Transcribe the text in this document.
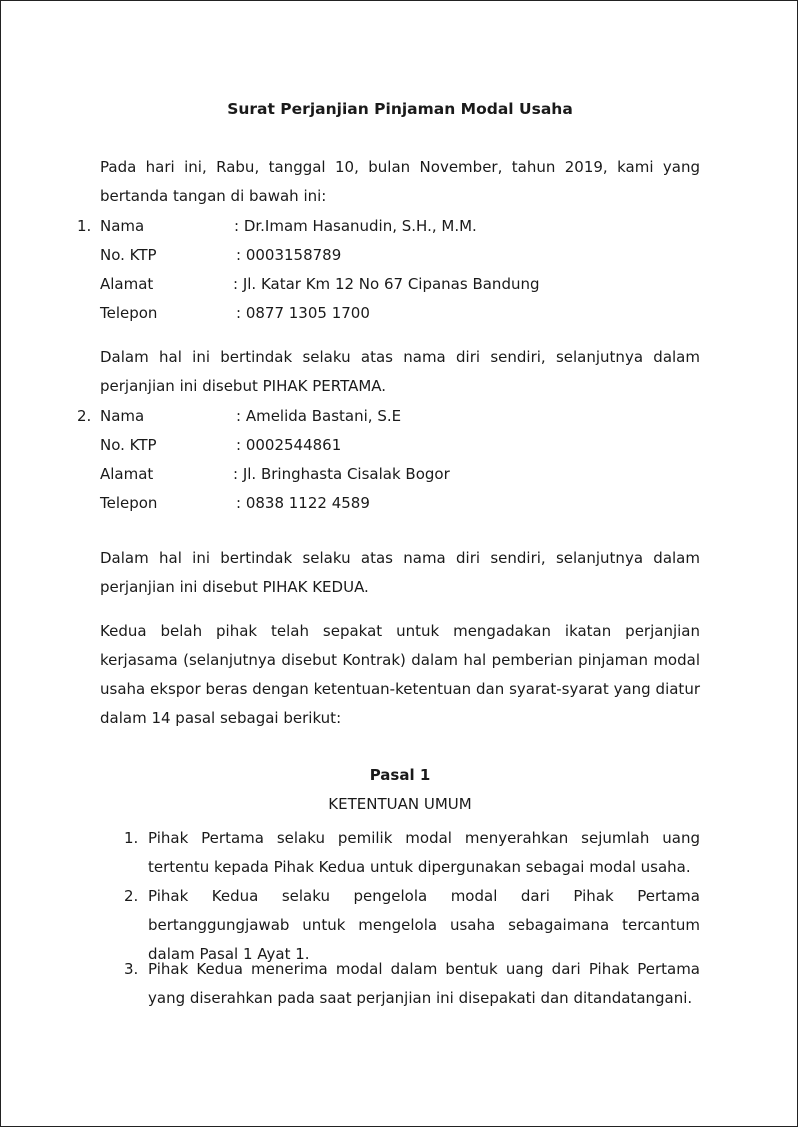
Surat Perjanjian Pinjaman Modal Usaha
Pada hari ini, Rabu, tanggal 10, bulan November, tahun 2019, kami yang bertanda tangan di bawah ini:
1. Nama	: Dr.Imam Hasanudin, S.H., M.M.
No. KTP	: 0003158789
Alamat	: Jl. Katar Km 12 No 67 Cipanas Bandung
Telepon	: 0877 1305 1700
Dalam hal ini bertindak selaku atas nama diri sendiri, selanjutnya dalam perjanjian ini disebut PIHAK PERTAMA.
2. Nama	: Amelida Bastani, S.E
No. KTP	: 0002544861
Alamat	: Jl. Bringhasta Cisalak Bogor
Telepon	: 0838 1122 4589
Dalam hal ini bertindak selaku atas nama diri sendiri, selanjutnya dalam perjanjian ini disebut PIHAK KEDUA.
Kedua belah pihak telah sepakat untuk mengadakan ikatan perjanjian kerjasama (selanjutnya disebut Kontrak) dalam hal pemberian pinjaman modal usaha ekspor beras dengan ketentuan-ketentuan dan syarat-syarat yang diatur dalam 14 pasal sebagai berikut:
Pasal 1
KETENTUAN UMUM
1. Pihak Pertama selaku pemilik modal menyerahkan sejumlah uang tertentu kepada Pihak Kedua untuk dipergunakan sebagai modal usaha.
2. Pihak Kedua selaku pengelola modal dari Pihak Pertama bertanggungjawab untuk mengelola usaha sebagaimana tercantum dalam Pasal 1 Ayat 1.
3. Pihak Kedua menerima modal dalam bentuk uang dari Pihak Pertama yang diserahkan pada saat perjanjian ini disepakati dan ditandatangani.
